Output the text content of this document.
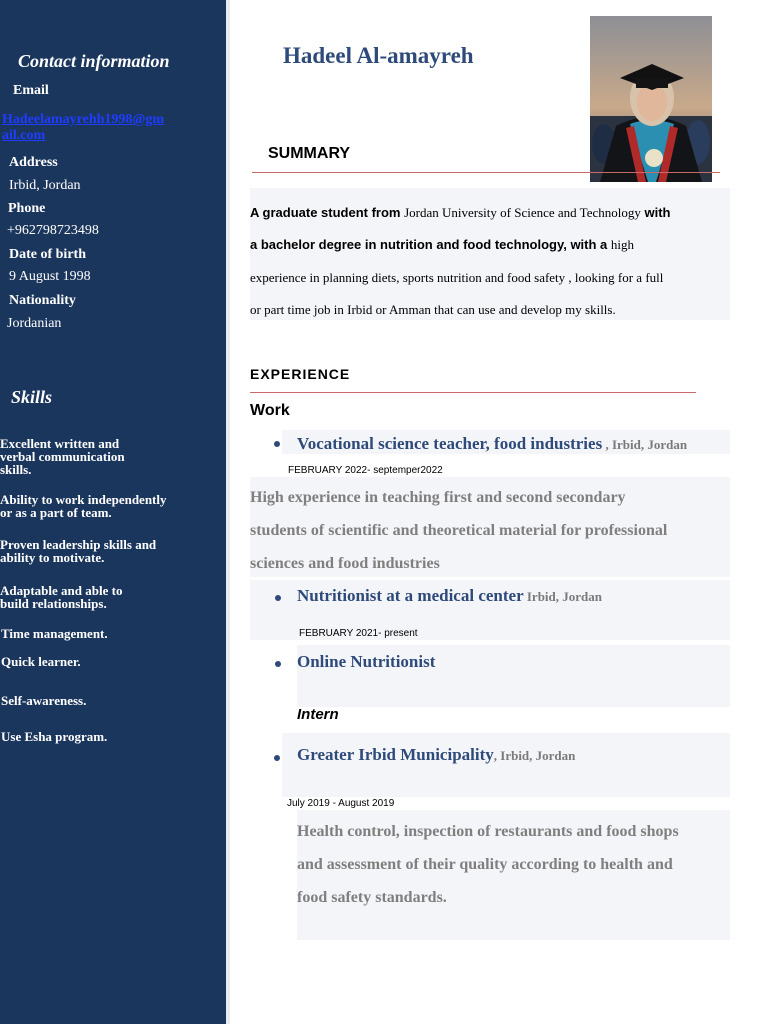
Contact information
Email
Hadeelamayrehh1998@gm
ail.com
Address
Irbid, Jordan
Phone
+962798723498
Date of birth
9 August 1998
Nationality
Jordanian
Skills
Excellent written and
verbal communication
skills.
Ability to work independently
or as a part of team.
Proven leadership skills and
ability to motivate.
Adaptable and able to
build relationships.
Time management.
Quick learner.
Self-awareness.
Use Esha program.
Hadeel Al-amayreh
SUMMARY
A graduate student from Jordan University of Science and Technology with
a bachelor degree in nutrition and food technology, with a high
experience in planning diets, sports nutrition and food safety , looking for a full
or part time job in Irbid or Amman that can use and develop my skills.
EXPERIENCE
Work
Vocational science teacher, food industries , Irbid, Jordan
FEBRUARY 2022- septemper2022
High experience in teaching first and second secondary
students of scientific and theoretical material for professional
sciences and food industries
Nutritionist at a medical center Irbid, Jordan
FEBRUARY 2021- present
Online Nutritionist
Intern
Greater Irbid Municipality, Irbid, Jordan
July 2019 - August 2019
Health control, inspection of restaurants and food shops
and assessment of their quality according to health and
food safety standards.
